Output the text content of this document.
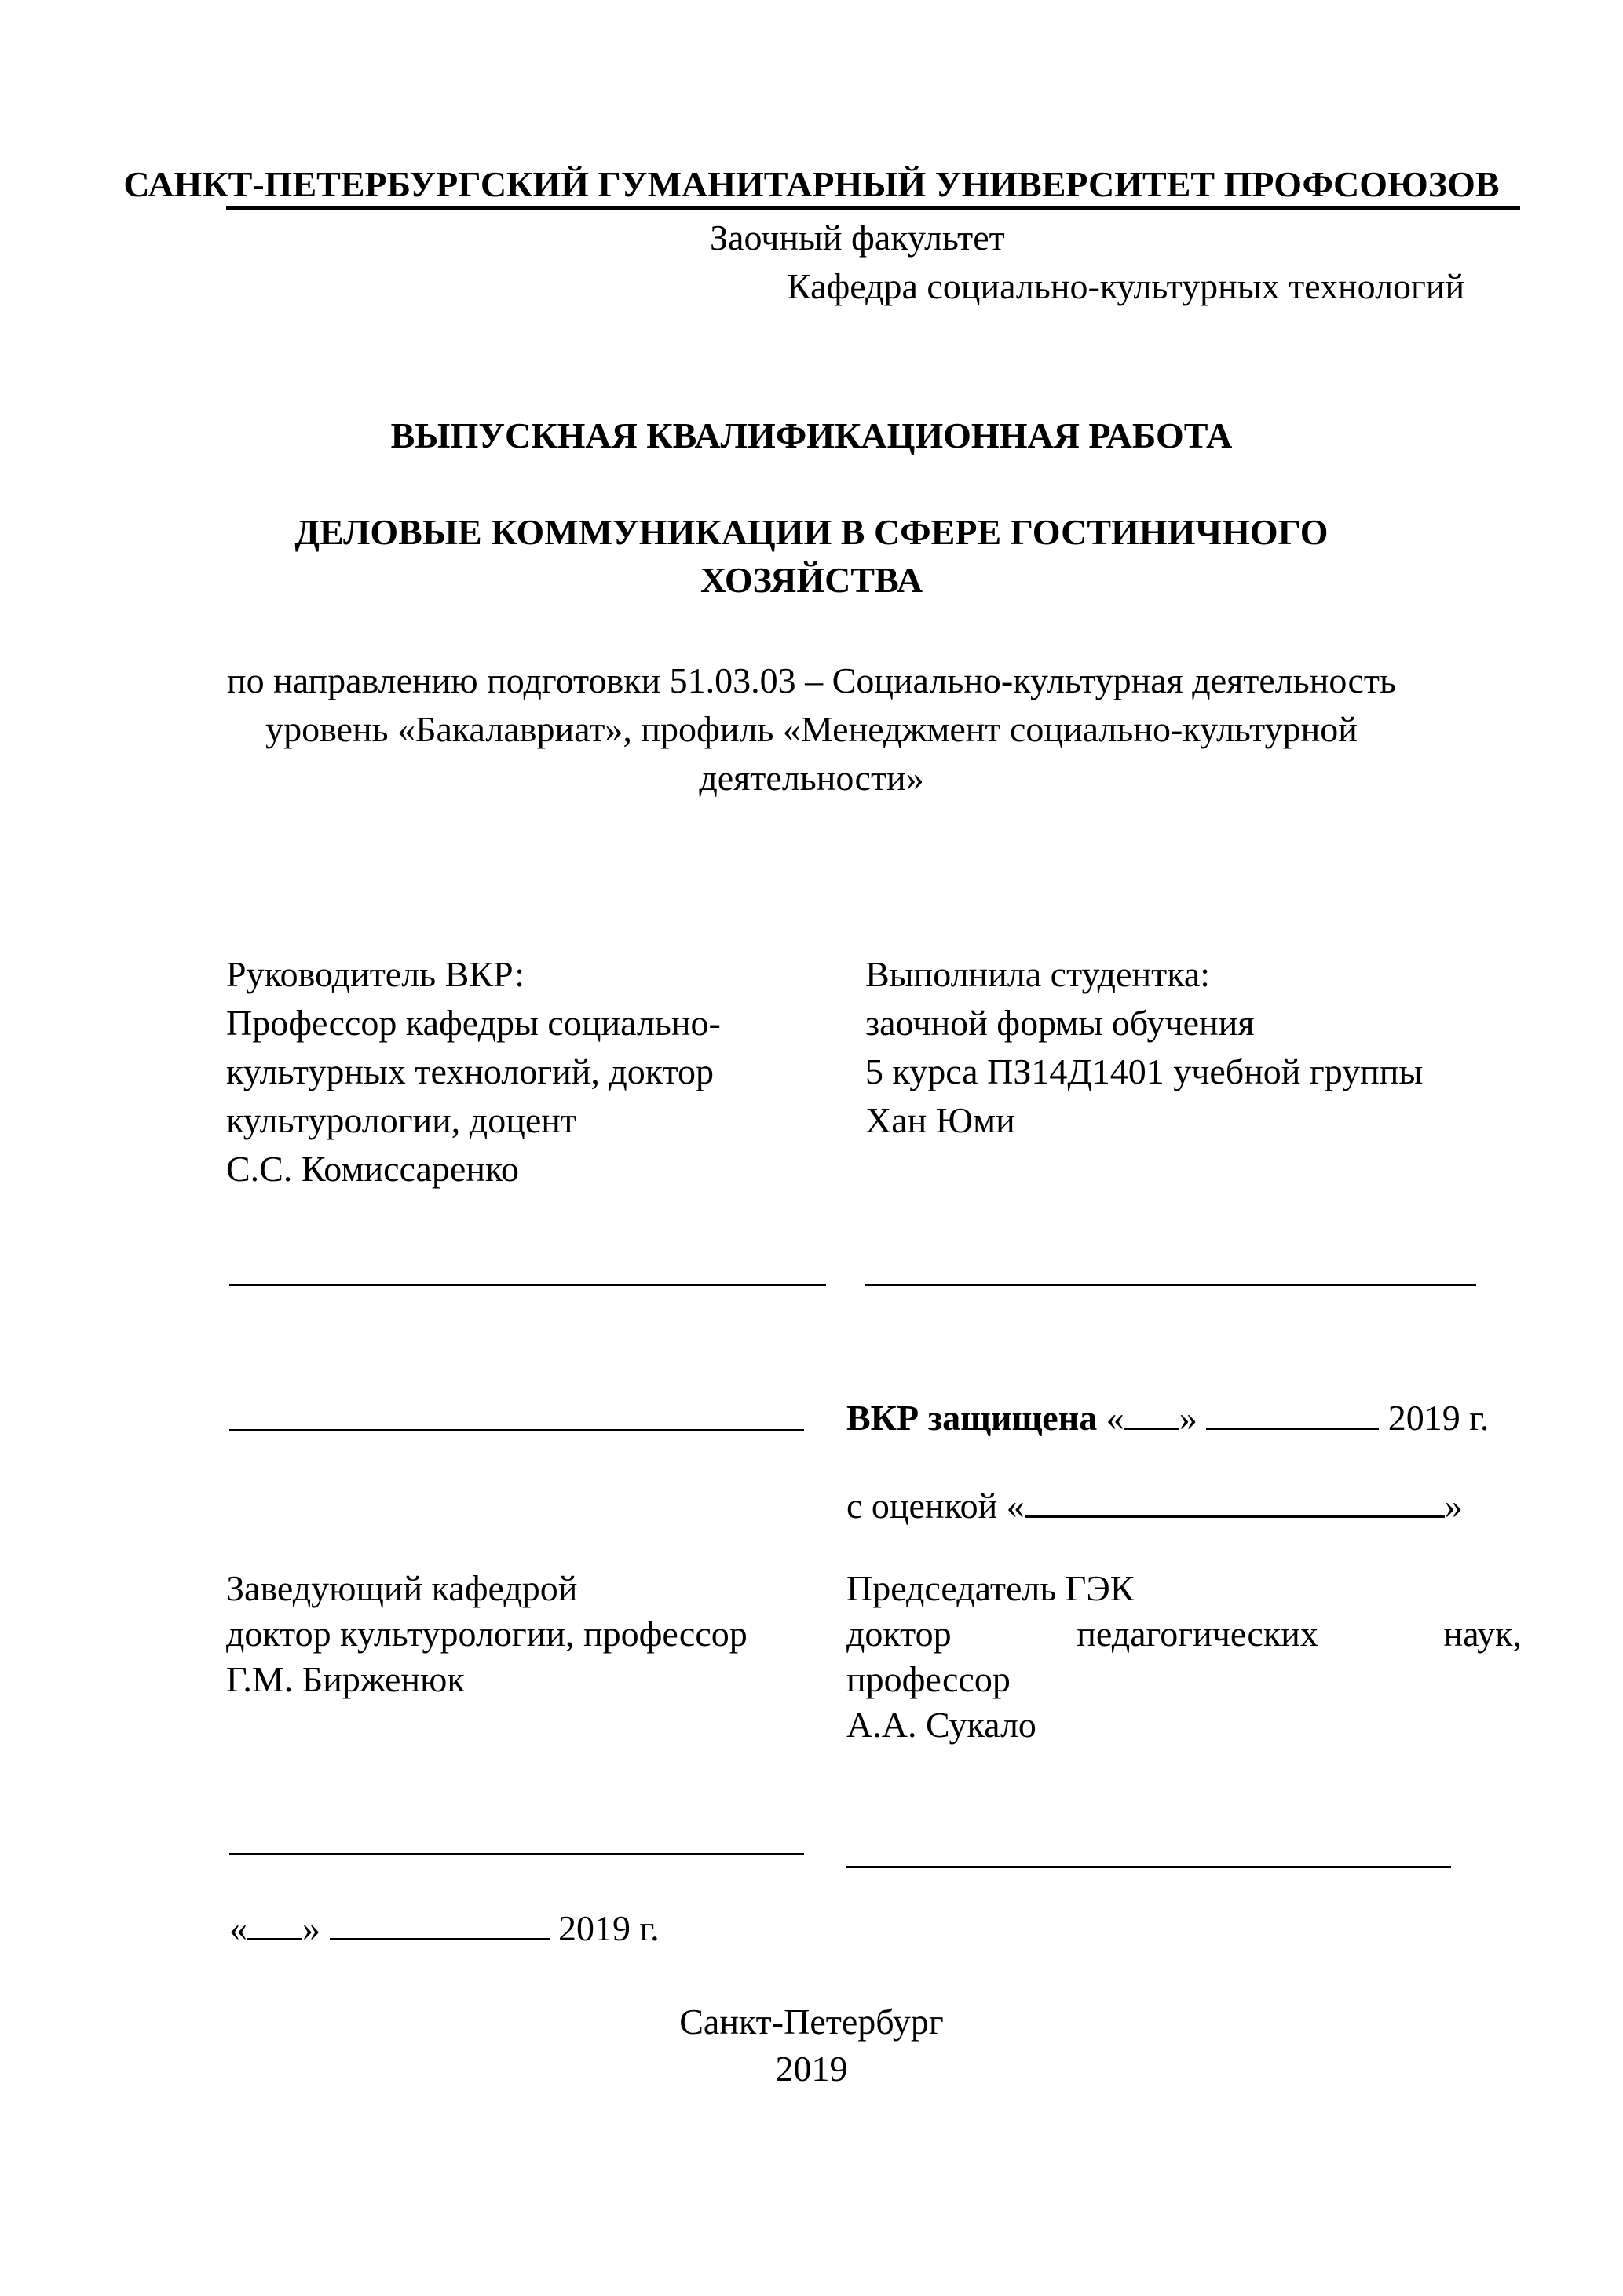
САНКТ-ПЕТЕРБУРГСКИЙ ГУМАНИТАРНЫЙ УНИВЕРСИТЕТ ПРОФСОЮЗОВ
Заочный факультет
Кафедра социально-культурных технологий
ВЫПУСКНАЯ КВАЛИФИКАЦИОННАЯ РАБОТА
ДЕЛОВЫЕ КОММУНИКАЦИИ В СФЕРЕ ГОСТИНИЧНОГО
ХОЗЯЙСТВА
по направлению подготовки 51.03.03 – Социально-культурная деятельность
уровень «Бакалавриат», профиль «Менеджмент социально-культурной
деятельности»
Руководитель ВКР:
Профессор кафедры социально-
культурных технологий, доктор
культурологии, доцент
С.С. Комиссаренко
Выполнила студентка:
заочной формы обучения
5 курса ПЗ14Д1401 учебной группы
Хан Юми
ВКР защищена « »	2019 г.
с оценкой «	»
Заведующий кафедрой
доктор культурологии, профессор
Г.М. Бирженюк
Председатель ГЭК
доктор	педагогических	наук,
профессор
А.А. Сукало
« »	2019 г.
Санкт-Петербург
2019
